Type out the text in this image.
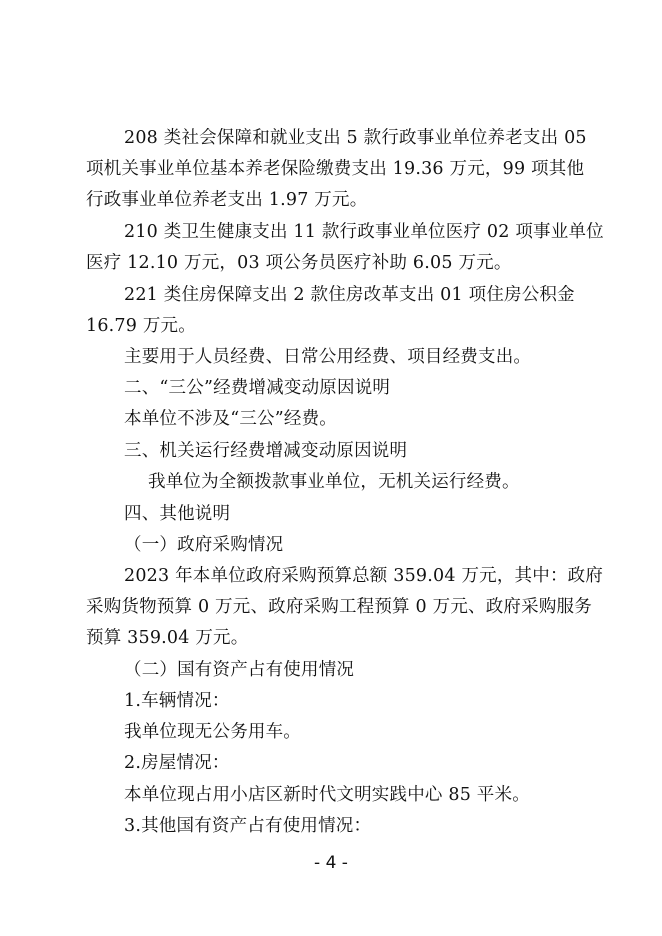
208 类社会保障和就业支出 5 款行政事业单位养老支出 05
项机关事业单位基本养老保险缴费支出 19.36 万元，99 项其他
行政事业单位养老支出 1.97 万元。
210 类卫生健康支出 11 款行政事业单位医疗 02 项事业单位
医疗 12.10 万元，03 项公务员医疗补助 6.05 万元。
221 类住房保障支出 2 款住房改革支出 01 项住房公积金
16.79 万元。
主要用于人员经费、日常公用经费、项目经费支出。
二、“三公”经费增减变动原因说明
本单位不涉及“三公”经费。
三、机关运行经费增减变动原因说明
我单位为全额拨款事业单位，无机关运行经费。
四、其他说明
（一）政府采购情况
2023 年本单位政府采购预算总额 359.04 万元，其中：政府
采购货物预算 0 万元、政府采购工程预算 0 万元、政府采购服务
预算 359.04 万元。
（二）国有资产占有使用情况
1.车辆情况：
我单位现无公务用车。
2.房屋情况：
本单位现占用小店区新时代文明实践中心 85 平米。
3.其他国有资产占有使用情况：
- 4 -
